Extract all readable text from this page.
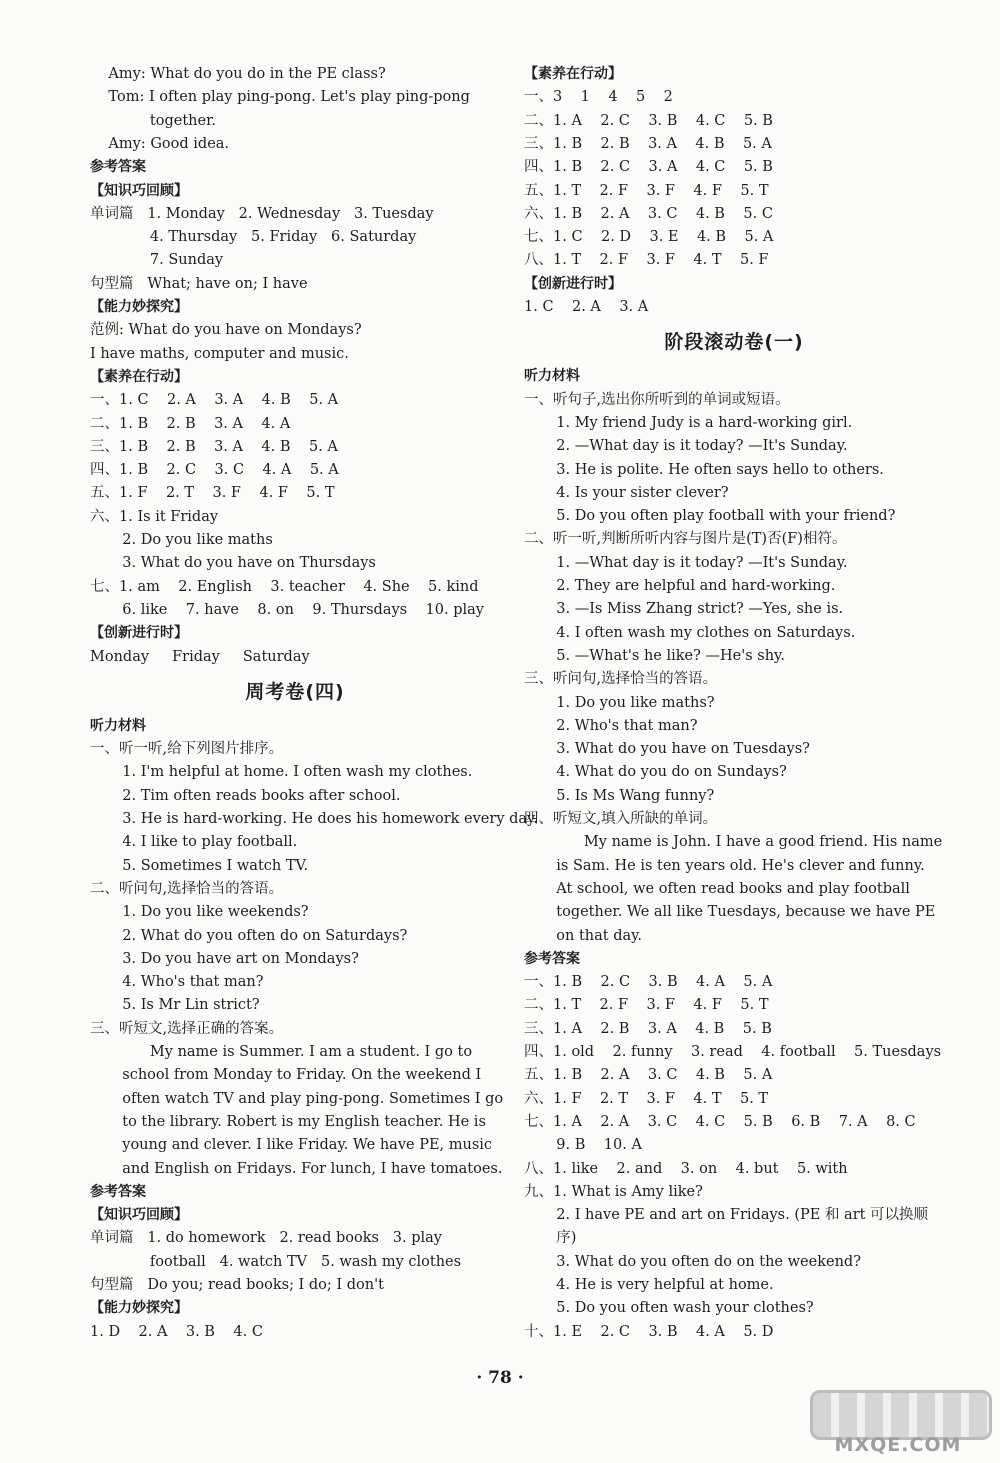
Amy: What do you do in the PE class?
Tom: I often play ping-pong. Let's play ping-pong
together.
Amy: Good idea.
参考答案
【知识巧回顾】
单词篇   1. Monday   2. Wednesday   3. Tuesday
4. Thursday   5. Friday   6. Saturday
7. Sunday
句型篇   What; have on; I have
【能力妙探究】
范例: What do you have on Mondays?
I have maths, computer and music.
【素养在行动】
一、1. C    2. A    3. A    4. B    5. A
二、1. B    2. B    3. A    4. A
三、1. B    2. B    3. A    4. B    5. A
四、1. B    2. C    3. C    4. A    5. A
五、1. F    2. T    3. F    4. F    5. T
六、1. Is it Friday
2. Do you like maths
3. What do you have on Thursdays
七、1. am    2. English    3. teacher    4. She    5. kind
6. like    7. have    8. on    9. Thursdays    10. play
【创新进行时】
Monday     Friday     Saturday
周考卷(四)
听力材料
一、听一听,给下列图片排序。
1. I'm helpful at home. I often wash my clothes.
2. Tim often reads books after school.
3. He is hard-working. He does his homework every day.
4. I like to play football.
5. Sometimes I watch TV.
二、听问句,选择恰当的答语。
1. Do you like weekends?
2. What do you often do on Saturdays?
3. Do you have art on Mondays?
4. Who's that man?
5. Is Mr Lin strict?
三、听短文,选择正确的答案。
My name is Summer. I am a student. I go to
school from Monday to Friday. On the weekend I
often watch TV and play ping-pong. Sometimes I go
to the library. Robert is my English teacher. He is
young and clever. I like Friday. We have PE, music
and English on Fridays. For lunch, I have tomatoes.
参考答案
【知识巧回顾】
单词篇   1. do homework   2. read books   3. play
football   4. watch TV   5. wash my clothes
句型篇   Do you; read books; I do; I don't
【能力妙探究】
1. D    2. A    3. B    4. C
【素养在行动】
一、3    1    4    5    2
二、1. A    2. C    3. B    4. C    5. B
三、1. B    2. B    3. A    4. B    5. A
四、1. B    2. C    3. A    4. C    5. B
五、1. T    2. F    3. F    4. F    5. T
六、1. B    2. A    3. C    4. B    5. C
七、1. C    2. D    3. E    4. B    5. A
八、1. T    2. F    3. F    4. T    5. F
【创新进行时】
1. C    2. A    3. A
阶段滚动卷(一)
听力材料
一、听句子,选出你所听到的单词或短语。
1. My friend Judy is a hard-working girl.
2. —What day is it today? —It's Sunday.
3. He is polite. He often says hello to others.
4. Is your sister clever?
5. Do you often play football with your friend?
二、听一听,判断所听内容与图片是(T)否(F)相符。
1. —What day is it today? —It's Sunday.
2. They are helpful and hard-working.
3. —Is Miss Zhang strict? —Yes, she is.
4. I often wash my clothes on Saturdays.
5. —What's he like? —He's shy.
三、听问句,选择恰当的答语。
1. Do you like maths?
2. Who's that man?
3. What do you have on Tuesdays?
4. What do you do on Sundays?
5. Is Ms Wang funny?
四、听短文,填入所缺的单词。
My name is John. I have a good friend. His name
is Sam. He is ten years old. He's clever and funny.
At school, we often read books and play football
together. We all like Tuesdays, because we have PE
on that day.
参考答案
一、1. B    2. C    3. B    4. A    5. A
二、1. T    2. F    3. F    4. F    5. T
三、1. A    2. B    3. A    4. B    5. B
四、1. old    2. funny    3. read    4. football    5. Tuesdays
五、1. B    2. A    3. C    4. B    5. A
六、1. F    2. T    3. F    4. T    5. T
七、1. A    2. A    3. C    4. C    5. B    6. B    7. A    8. C
9. B    10. A
八、1. like    2. and    3. on    4. but    5. with
九、1. What is Amy like?
2. I have PE and art on Fridays. (PE 和 art 可以换顺
序)
3. What do you often do on the weekend?
4. He is very helpful at home.
5. Do you often wash your clothes?
十、1. E    2. C    3. B    4. A    5. D
· 78 ·
MXQE.COM
